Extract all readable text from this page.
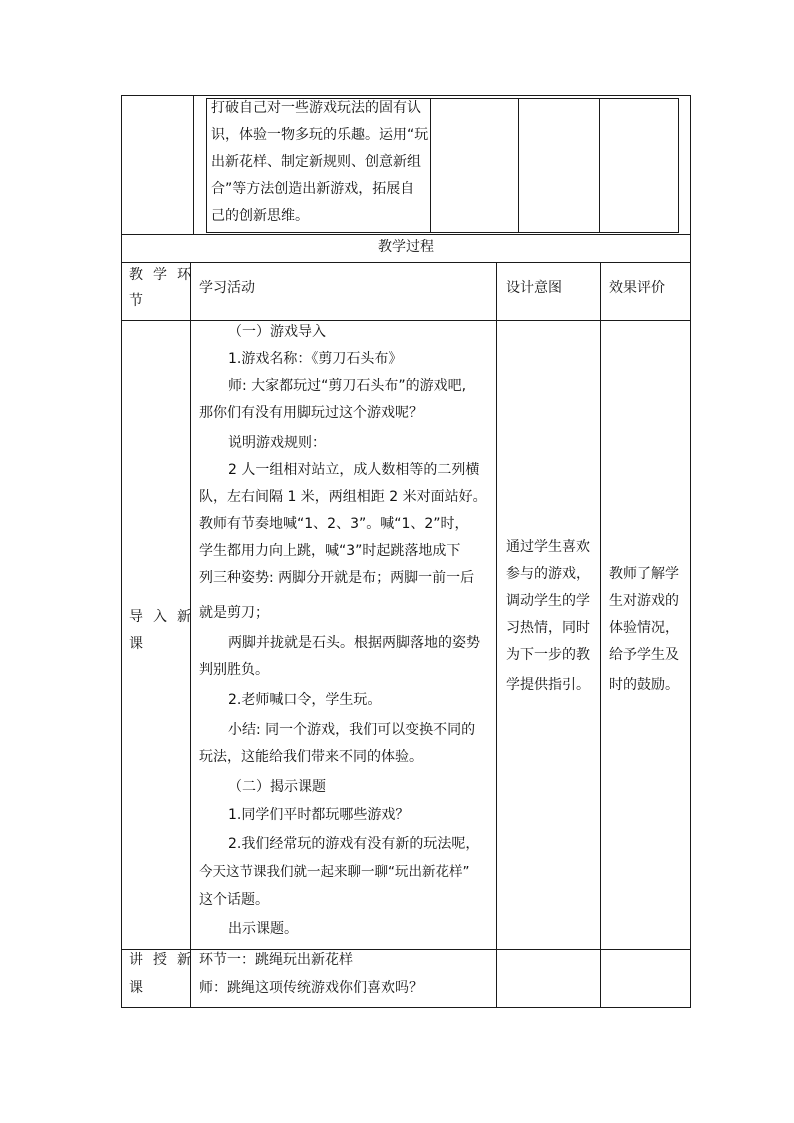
打破自己对一些游戏玩法的固有认
识，体验一物多玩的乐趣。运用“玩
出新花样、制定新规则、创意新组
合”等方法创造出新游戏，拓展自
己的创新思维。
教学过程
教学环
节
学习活动	设计意图	效果评价
导入新
课
（一）游戏导入
1.游戏名称：《剪刀石头布》
师: 大家都玩过“剪刀石头布”的游戏吧,
那你们有没有用脚玩过这个游戏呢？
说明游戏规则：
2 人一组相对站立，成人数相等的二列横
队，左右间隔 1 米，两组相距 2 米对面站好。
教师有节奏地喊“1、2、3”。喊“1、2”时，
学生都用力向上跳，喊“3”时起跳落地成下
列三种姿势: 两脚分开就是布；两脚一前一后
就是剪刀；
两脚并拢就是石头。根据两脚落地的姿势
判别胜负。
2.老师喊口令，学生玩。
小结: 同一个游戏，我们可以变换不同的
玩法，这能给我们带来不同的体验。
（二）揭示课题
1.同学们平时都玩哪些游戏？
2.我们经常玩的游戏有没有新的玩法呢，
今天这节课我们就一起来聊一聊“玩出新花样”
这个话题。
出示课题。
通过学生喜欢
参与的游戏，
调动学生的学
习热情，同时
为下一步的教
学提供指引。
教师了解学
生对游戏的
体验情况，
给予学生及
时的鼓励。
讲授新
课
环节一：跳绳玩出新花样
师：跳绳这项传统游戏你们喜欢吗？
